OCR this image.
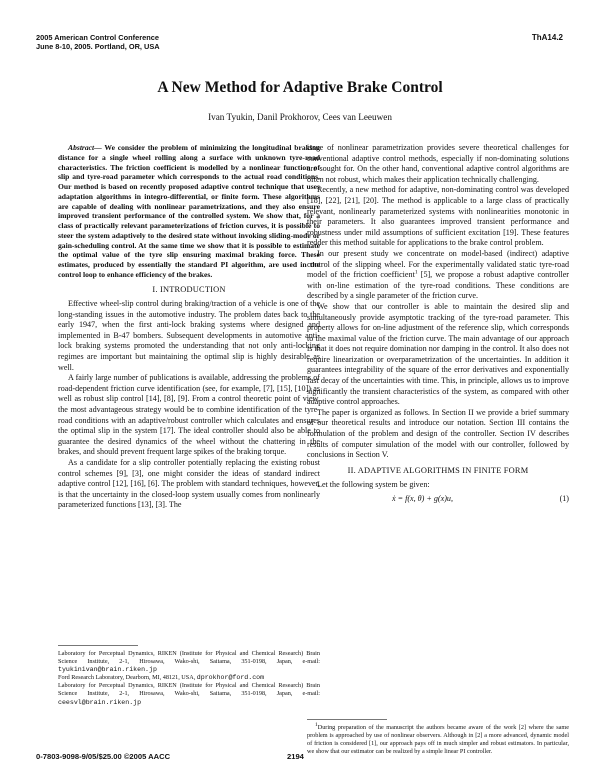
2005 American Control Conference
June 8-10, 2005. Portland, OR, USA
ThA14.2
A New Method for Adaptive Brake Control
Ivan Tyukin, Danil Prokhorov, Cees van Leeuwen

Abstract— We consider the problem of minimizing the longitudinal braking distance for a single wheel rolling along a surface with unknown tyre-road characteristics. The friction coefficient is modelled by a nonlinear function of slip and tyre-road parameter which corresponds to the actual road conditions. Our method is based on recently proposed adaptive control technique that uses adaptation algorithms in integro-differential, or finite form. These algorithms are capable of dealing with nonlinear parametrizations, and they also ensure improved transient performance of the controlled system. We show that, for a class of practically relevant parameterizations of friction curves, it is possible to steer the system adaptively to the desired state without invoking sliding-mode or gain-scheduling control. At the same time we show that it is possible to estimate the optimal value of the tyre slip ensuring maximal braking force. These estimates, produced by essentially the standard PI algorithm, are used in the control loop to enhance efficiency of the brakes.

I. INTRODUCTION

Effective wheel-slip control during braking/traction of a vehicle is one of the long-standing issues in the automotive industry. The problem dates back to the early 1947, when the first anti-lock braking systems where designed and implemented in B-47 bombers. Subsequent developments in automotive anti-lock braking systems promoted the understanding that not only anti-locking regimes are important but maintaining the optimal slip is highly desirable as well.

A fairly large number of publications is available, addressing the problems of road-dependent friction curve identification (see, for example, [7], [15], [10]) as well as robust slip control [14], [8], [9]. From a control theoretic point of view, the most advantageous strategy would be to combine identification of the tyre-road conditions with an adaptive/robust controller which calculates and ensures the optimal slip in the system [17]. The ideal controller should also be able to guarantee the desired dynamics of the wheel without the chattering in the brakes, and should prevent frequent large spikes of the braking torque.

As a candidate for a slip controller potentially replacing the existing robust control schemes [9], [3], one might consider the ideas of standard indirect adaptive control [12], [16], [6]. The problem with standard techniques, however, is that the uncertainty in the closed-loop system usually comes from nonlinearly parameterized functions [13], [3]. The

Laboratory for Perceptual Dynamics, RIKEN (Institute for Physical and Chemical Research) Brain Science Institute, 2-1, Hirosawa, Wako-shi, Saitama, 351-0198, Japan, e-mail: tyukinivan@brain.riken.jp

Ford Research Laboratory, Dearborn, MI, 48121, USA, dprokhor@ford.com

Laboratory for Perceptual Dynamics, RIKEN (Institute for Physical and Chemical Research) Brain Science Institute, 2-1, Hirosawa, Wako-shi, Saitama, 351-0198, Japan, e-mail: ceesvl@brain.riken.jp

issue of nonlinear parametrization provides severe theoretical challenges for conventional adaptive control methods, especially if non-dominating solutions are sought for. On the other hand, conventional adaptive control algorithms are often not robust, which makes their application technically challenging.

Recently, a new method for adaptive, non-dominating control was developed [18], [22], [21], [20]. The method is applicable to a large class of practically relevant, nonlinearly parameterized systems with nonlinearities monotonic in their parameters. It also guarantees improved transient performance and robustness under mild assumptions of sufficient excitation [19]. These features redder this method suitable for applications to the brake control problem.

In our present study we concentrate on model-based (indirect) adaptive control of the slipping wheel. For the experimentally validated static tyre-road model of the friction coefficient$^1$ [5], we propose a robust adaptive controller with on-line estimation of the tyre-road conditions. These conditions are described by a single parameter of the friction curve.

We show that our controller is able to maintain the desired slip and simultaneously provide asymptotic tracking of the tyre-road parameter. This property allows for on-line adjustment of the reference slip, which corresponds to the maximal value of the friction curve. The main advantage of our approach is that it does not require domination nor damping in the control. It also does not require linearization or overparametrization of the uncertainties. In addition it guarantees integrability of the square of the error derivatives and exponentially fast decay of the uncertainties with time. This, in principle, allows us to improve significantly the transient characteristics of the system, as compared with other adaptive control approaches.

The paper is organized as follows. In Section II we provide a brief summary of our theoretical results and introduce our notation. Section III contains the formulation of the problem and design of the controller. Section IV describes results of computer simulation of the model with our controller, followed by conclusions in Section V.

II. ADAPTIVE ALGORITHMS IN FINITE FORM

Let the following system be given:

ẋ = f(x, θ) + g(x)u,	(1)

$^1$During preparation of the manuscript the authors became aware of the work [2] where the same problem is approached by use of nonlinear observers. Although in [2] a more advanced, dynamic model of friction is considered [1], our approach pays off in much simpler and robust estimators. In particular, we show that our estimator can be realized by a simple linear PI controller.

0-7803-9098-9/05/$25.00 ©2005 AACC	2194
